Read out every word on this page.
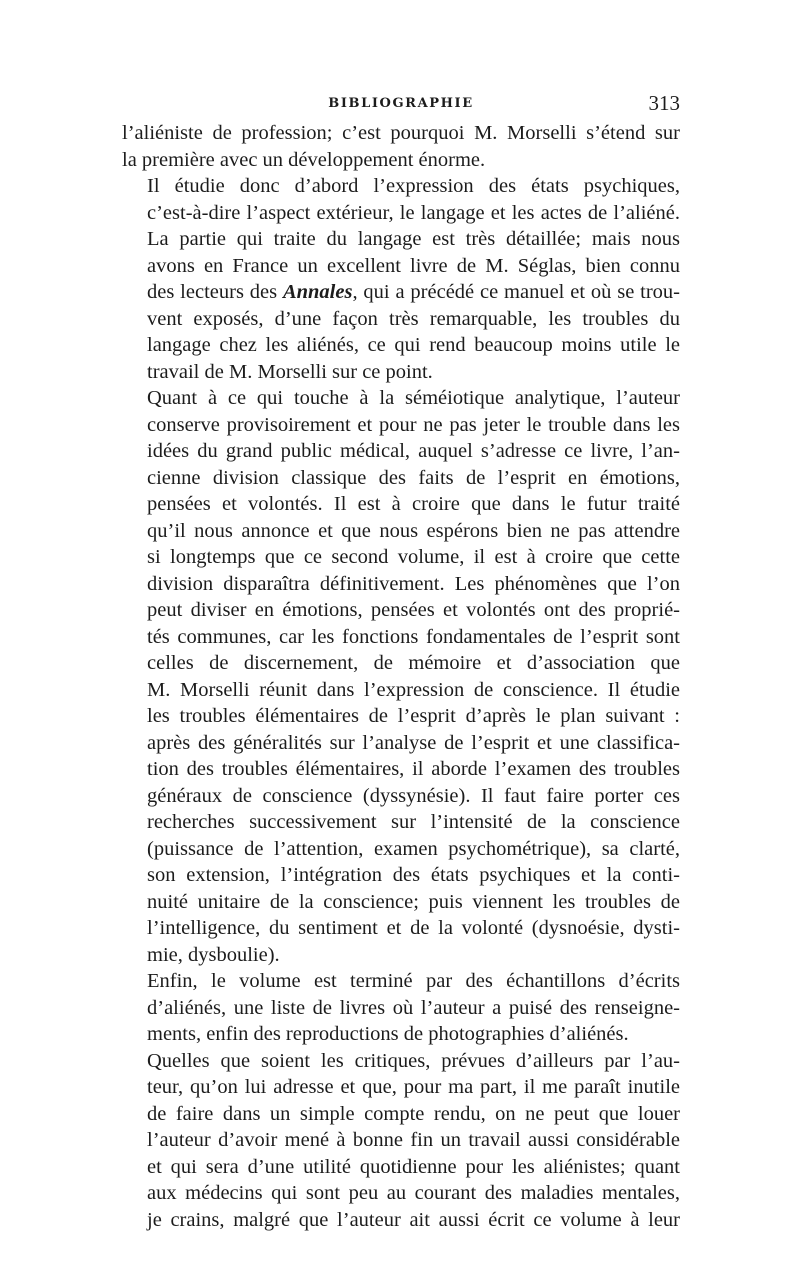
BIBLIOGRAPHIE	313
l’aliéniste de profession; c’est pourquoi M. Morselli s’étend sur
la première avec un développement énorme.
Il étudie donc d’abord l’expression des états psychiques,
c’est-à-dire l’aspect extérieur, le langage et les actes de l’aliéné.
La partie qui traite du langage est très détaillée; mais nous
avons en France un excellent livre de M. Séglas, bien connu
des lecteurs des Annales, qui a précédé ce manuel et où se trou-
vent exposés, d’une façon très remarquable, les troubles du
langage chez les aliénés, ce qui rend beaucoup moins utile le
travail de M. Morselli sur ce point.
Quant à ce qui touche à la séméiotique analytique, l’auteur
conserve provisoirement et pour ne pas jeter le trouble dans les
idées du grand public médical, auquel s’adresse ce livre, l’an-
cienne division classique des faits de l’esprit en émotions,
pensées et volontés. Il est à croire que dans le futur traité
qu’il nous annonce et que nous espérons bien ne pas attendre
si longtemps que ce second volume, il est à croire que cette
division disparaîtra définitivement. Les phénomènes que l’on
peut diviser en émotions, pensées et volontés ont des proprié-
tés communes, car les fonctions fondamentales de l’esprit sont
celles de discernement, de mémoire et d’association que
M. Morselli réunit dans l’expression de conscience. Il étudie
les troubles élémentaires de l’esprit d’après le plan suivant :
après des généralités sur l’analyse de l’esprit et une classifica-
tion des troubles élémentaires, il aborde l’examen des troubles
généraux de conscience (dyssynésie). Il faut faire porter ces
recherches successivement sur l’intensité de la conscience
(puissance de l’attention, examen psychométrique), sa clarté,
son extension, l’intégration des états psychiques et la conti-
nuité unitaire de la conscience; puis viennent les troubles de
l’intelligence, du sentiment et de la volonté (dysnoésie, dysti-
mie, dysboulie).
Enfin, le volume est terminé par des échantillons d’écrits
d’aliénés, une liste de livres où l’auteur a puisé des renseigne-
ments, enfin des reproductions de photographies d’aliénés.
Quelles que soient les critiques, prévues d’ailleurs par l’au-
teur, qu’on lui adresse et que, pour ma part, il me paraît inutile
de faire dans un simple compte rendu, on ne peut que louer
l’auteur d’avoir mené à bonne fin un travail aussi considérable
et qui sera d’une utilité quotidienne pour les aliénistes; quant
aux médecins qui sont peu au courant des maladies mentales,
je crains, malgré que l’auteur ait aussi écrit ce volume à leur
